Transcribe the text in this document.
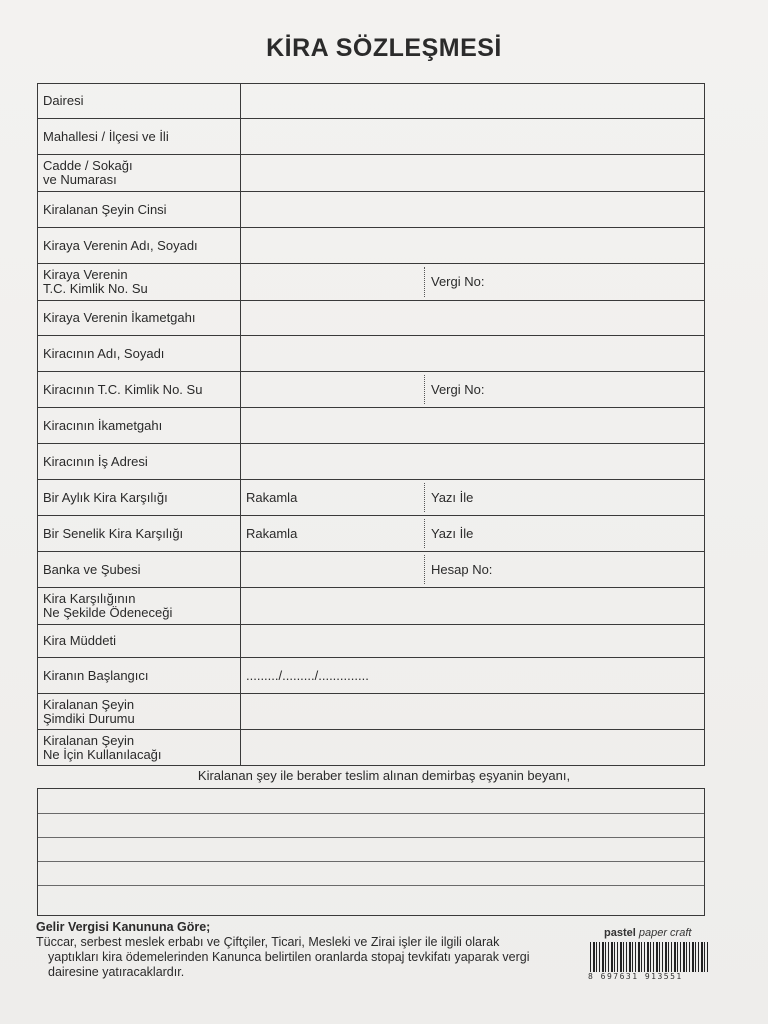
KİRA SÖZLEŞMESİ
Dairesi	
Mahallesi / İlçesi ve İli	
Cadde / Sokağı
ve Numarası	
Kiralanan Şeyin Cinsi	
Kiraya Verenin Adı, Soyadı	
Kiraya Verenin
T.C. Kimlik No. Su	Vergi No:

Kiraya Verenin İkametgahı	
Kiracının Adı, Soyadı	
Kiracının T.C. Kimlik No. Su	Vergi No:

Kiracının İkametgahı	
Kiracının İş Adresi	
Bir Aylık Kira Karşılığı	Rakamla Yazı İle

Bir Senelik Kira Karşılığı	Rakamla Yazı İle

Banka ve Şubesi	Hesap No:

Kira Karşılığının
Ne Şekilde Ödeneceği	
Kira Müddeti	
Kiranın Başlangıcı	........./........./..............

Kiralanan Şeyin
Şimdiki Durumu	
Kiralanan Şeyin
Ne İçin Kullanılacağı	
Kiralanan şey ile beraber teslim alınan demirbaş eşyanin beyanı,
Gelir Vergisi Kanununa Göre;
Tüccar, serbest meslek erbabı ve Çiftçiler, Ticari, Mesleki ve Zirai işler ile ilgili olarak
yaptıkları kira ödemelerinden Kanunca belirtilen oranlarda stopaj tevkifatı yaparak vergi
dairesine yatıracaklardır.
pastel paper craft
8 697631 913551
